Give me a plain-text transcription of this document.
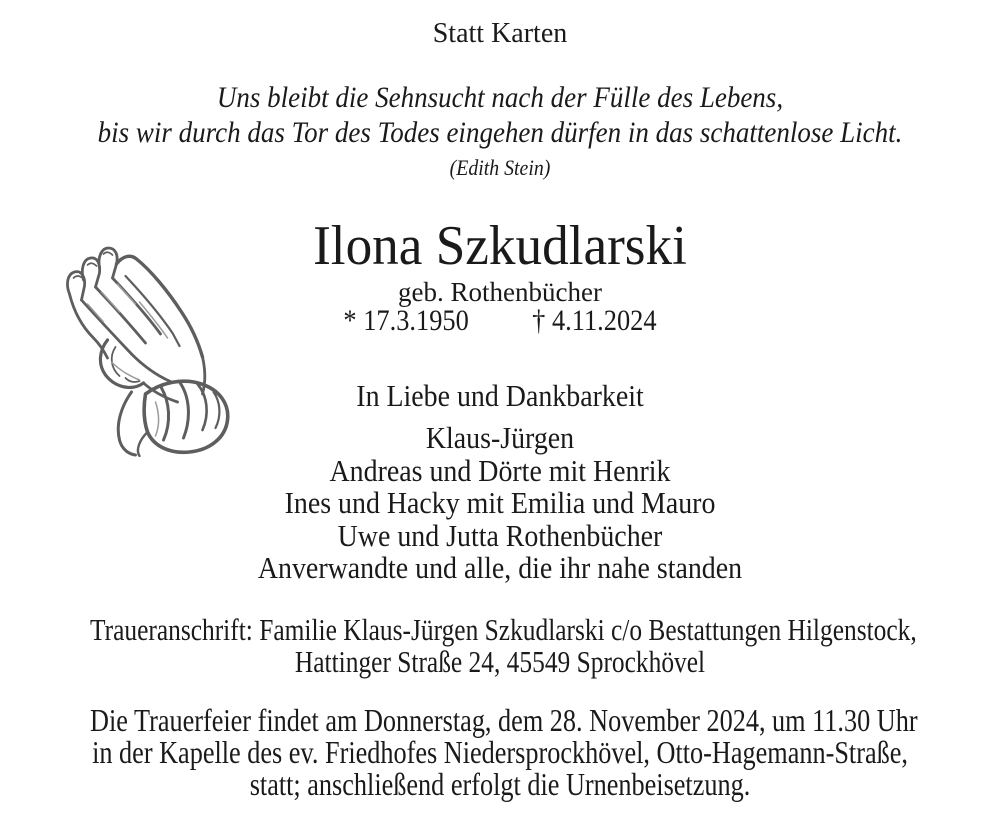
Statt Karten
Uns bleibt die Sehnsucht nach der Fülle des Lebens,
bis wir durch das Tor des Todes eingehen dürfen in das schattenlose Licht.
(Edith Stein)
Ilona Szkudlarski
geb. Rothenbücher
* 17.3.1950 † 4.11.2024
In Liebe und Dankbarkeit
Klaus-Jürgen
Andreas und Dörte mit Henrik
Ines und Hacky mit Emilia und Mauro
Uwe und Jutta Rothenbücher
Anverwandte und alle, die ihr nahe standen
Traueranschrift: Familie Klaus-Jürgen Szkudlarski c/o Bestattungen Hilgenstock,
Hattinger Straße 24, 45549 Sprockhövel
Die Trauerfeier findet am Donnerstag, dem 28. November 2024, um 11.30 Uhr
in der Kapelle des ev. Friedhofes Niedersprockhövel, Otto-Hagemann-Straße,
statt; anschließend erfolgt die Urnenbeisetzung.
